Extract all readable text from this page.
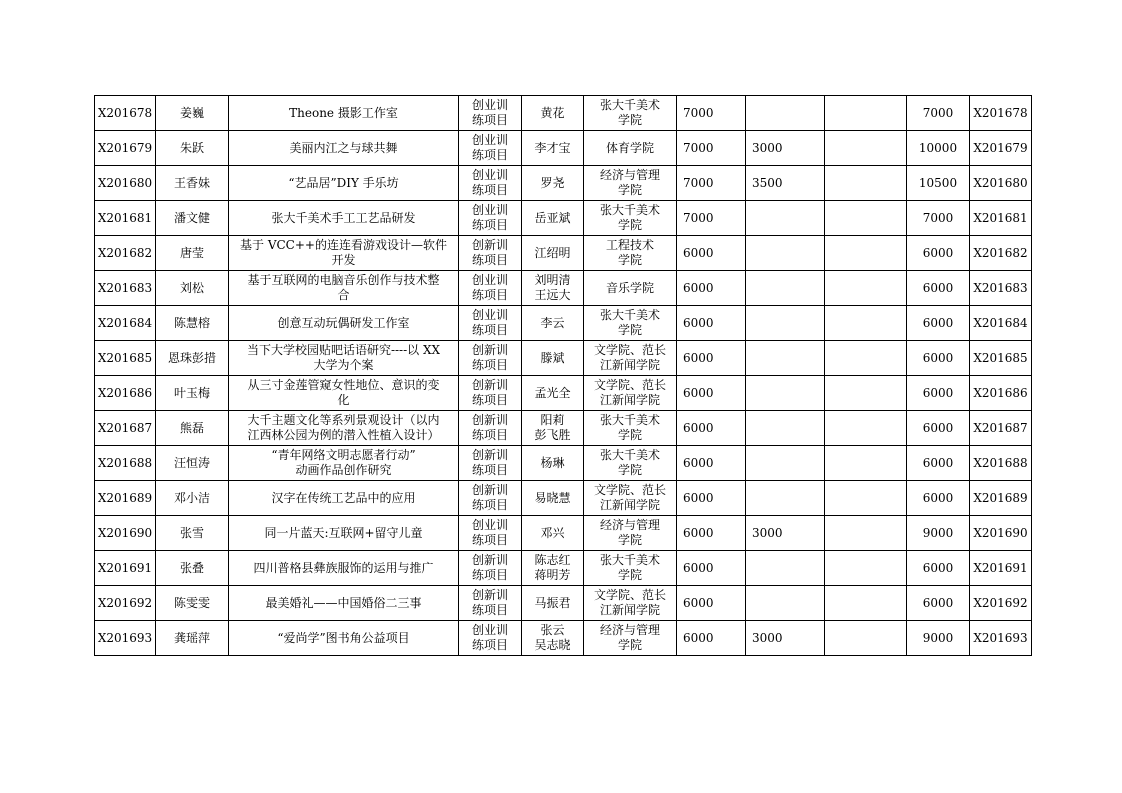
X201678	姜巍	Theone 摄影工作室	创业训
练项目	黄花	张大千美术
学院	7000			7000	X201678
X201679	朱跃	美丽内江之与球共舞	创业训
练项目	李才宝	体育学院	7000	3000		10000	X201679
X201680	王香妹	“艺品居”DIY 手乐坊	创业训
练项目	罗尧	经济与管理
学院	7000	3500		10500	X201680
X201681	潘文健	张大千美术手工工艺品研发	创业训
练项目	岳亚斌	张大千美术
学院	7000			7000	X201681
X201682	唐莹	基于 VCC++的连连看游戏设计—软件
开发	创新训
练项目	江绍明	工程技术
学院	6000			6000	X201682
X201683	刘松	基于互联网的电脑音乐创作与技术整
合	创业训
练项目	刘明清
王远大	音乐学院	6000			6000	X201683
X201684	陈慧榕	创意互动玩偶研发工作室	创业训
练项目	李云	张大千美术
学院	6000			6000	X201684
X201685	恩珠彭措	当下大学校园贴吧话语研究----以 XX
大学为个案	创新训
练项目	滕斌	文学院、范长
江新闻学院	6000			6000	X201685
X201686	叶玉梅	从三寸金莲管窥女性地位、意识的变
化	创新训
练项目	孟光全	文学院、范长
江新闻学院	6000			6000	X201686
X201687	熊磊	大千主题文化等系列景观设计（以内
江西林公园为例的潜入性植入设计）	创新训
练项目	阳莉
彭飞胜	张大千美术
学院	6000			6000	X201687
X201688	汪恒涛	“青年网络文明志愿者行动”
动画作品创作研究	创新训
练项目	杨琳	张大千美术
学院	6000			6000	X201688
X201689	邓小洁	汉字在传统工艺品中的应用	创新训
练项目	易晓慧	文学院、范长
江新闻学院	6000			6000	X201689
X201690	张雪	同一片蓝天:互联网+留守儿童	创业训
练项目	邓兴	经济与管理
学院	6000	3000		9000	X201690
X201691	张叠	四川普格县彝族服饰的运用与推广	创新训
练项目	陈志红
蒋明芳	张大千美术
学院	6000			6000	X201691
X201692	陈雯雯	最美婚礼——中国婚俗二三事	创新训
练项目	马振君	文学院、范长
江新闻学院	6000			6000	X201692
X201693	龚瑶萍	“爱尚学”图书角公益项目	创业训
练项目	张云
吴志晓	经济与管理
学院	6000	3000		9000	X201693
